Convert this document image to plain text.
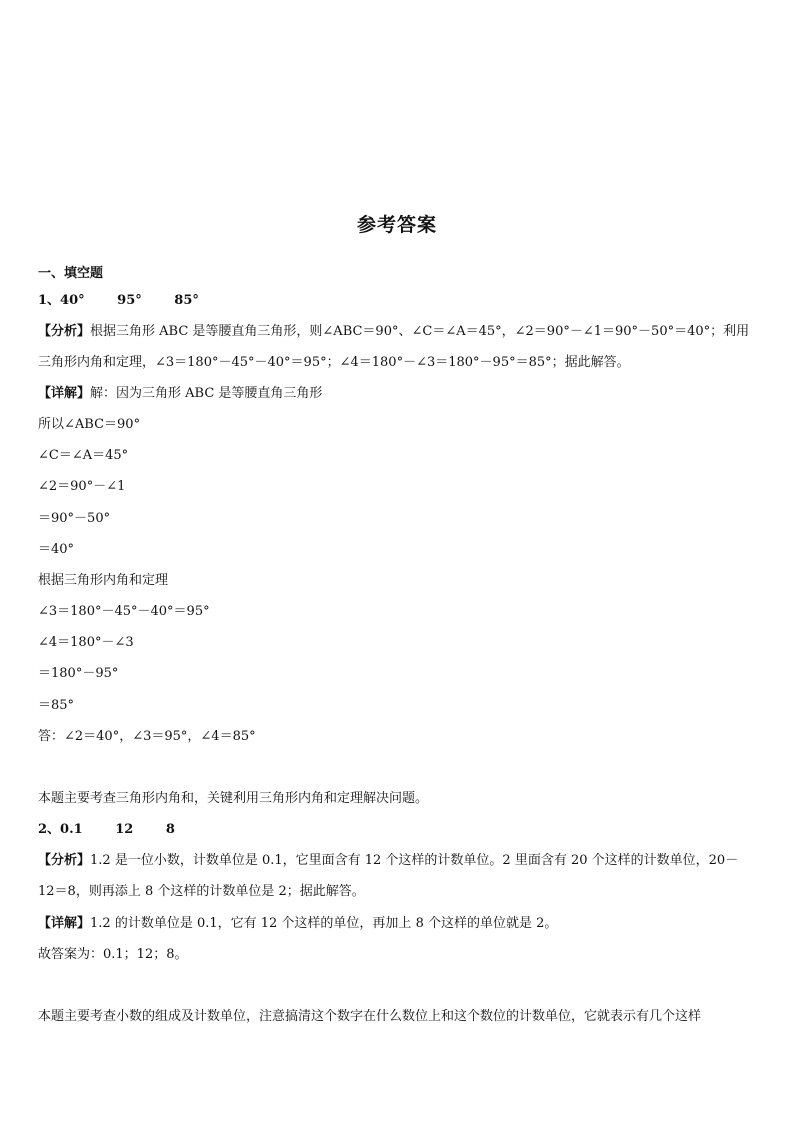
参考答案
一、填空题
1、40°	95°	85°
【分析】根据三角形 ABC 是等腰直角三角形，则∠ABC＝90°、∠C＝∠A＝45°，∠2＝90°－∠1＝90°－50°＝40°；利用
三角形内角和定理，∠3＝180°－45°－40°＝95°；∠4＝180°－∠3＝180°－95°＝85°；据此解答。
【详解】解：因为三角形 ABC 是等腰直角三角形
所以∠ABC＝90°
∠C＝∠A＝45°
∠2＝90°－∠1
＝90°－50°
＝40°
根据三角形内角和定理
∠3＝180°－45°－40°＝95°
∠4＝180°－∠3
＝180°－95°
＝85°
答：∠2＝40°，∠3＝95°，∠4＝85°
本题主要考查三角形内角和，关键利用三角形内角和定理解决问题。
2、0.1	12	8
【分析】1.2 是一位小数，计数单位是 0.1，它里面含有 12 个这样的计数单位。2 里面含有 20 个这样的计数单位，20－
12＝8，则再添上 8 个这样的计数单位是 2；据此解答。
【详解】1.2 的计数单位是 0.1，它有 12 个这样的单位，再加上 8 个这样的单位就是 2。
故答案为：0.1；12；8。
本题主要考查小数的组成及计数单位，注意搞清这个数字在什么数位上和这个数位的计数单位，它就表示有几个这样
